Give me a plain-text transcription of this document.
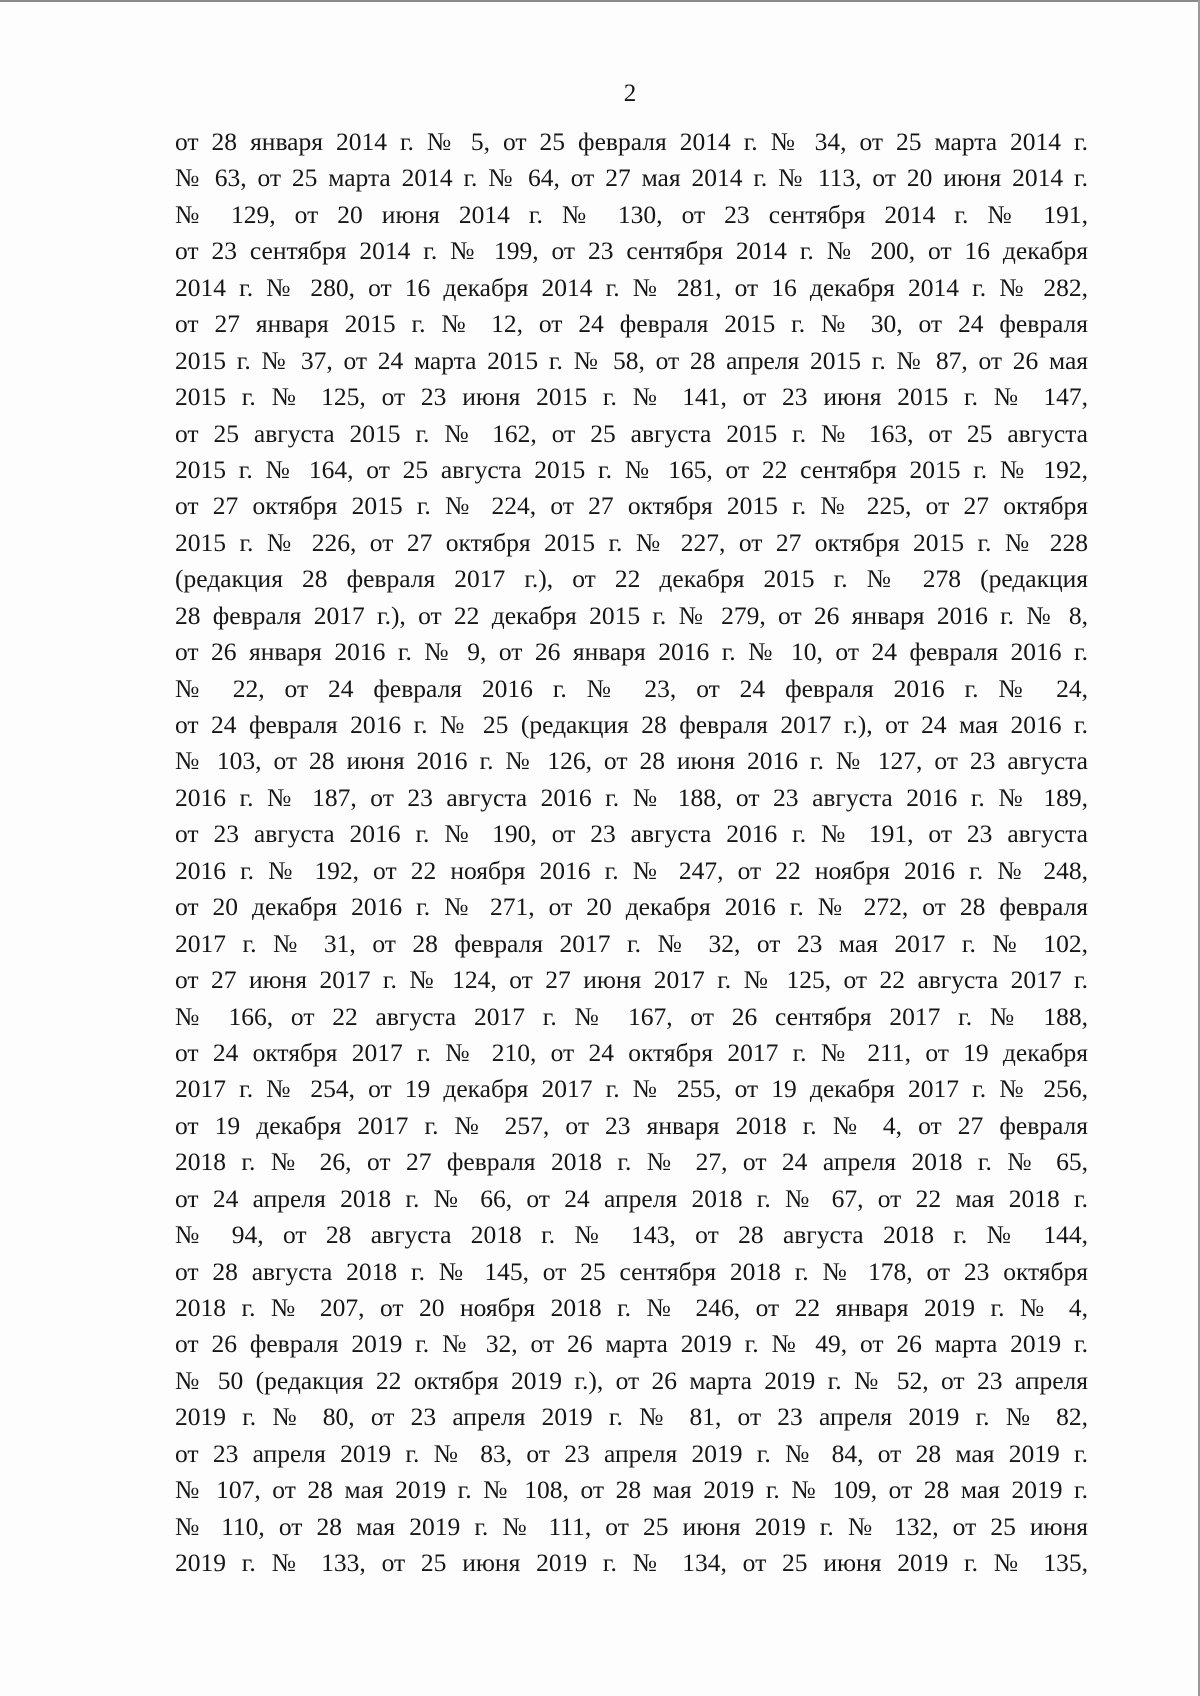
2
от 28 января 2014 г. № 5, от 25 февраля 2014 г. № 34, от 25 марта 2014 г.
№ 63, от 25 марта 2014 г. № 64, от 27 мая 2014 г. № 113, от 20 июня 2014 г.
№ 129, от 20 июня 2014 г. № 130, от 23 сентября 2014 г. № 191,
от 23 сентября 2014 г. № 199, от 23 сентября 2014 г. № 200, от 16 декабря
2014 г. № 280, от 16 декабря 2014 г. № 281, от 16 декабря 2014 г. № 282,
от 27 января 2015 г. № 12, от 24 февраля 2015 г. № 30, от 24 февраля
2015 г. № 37, от 24 марта 2015 г. № 58, от 28 апреля 2015 г. № 87, от 26 мая
2015 г. № 125, от 23 июня 2015 г. № 141, от 23 июня 2015 г. № 147,
от 25 августа 2015 г. № 162, от 25 августа 2015 г. № 163, от 25 августа
2015 г. № 164, от 25 августа 2015 г. № 165, от 22 сентября 2015 г. № 192,
от 27 октября 2015 г. № 224, от 27 октября 2015 г. № 225, от 27 октября
2015 г. № 226, от 27 октября 2015 г. № 227, от 27 октября 2015 г. № 228
(редакция 28 февраля 2017 г.), от 22 декабря 2015 г. № 278 (редакция
28 февраля 2017 г.), от 22 декабря 2015 г. № 279, от 26 января 2016 г. № 8,
от 26 января 2016 г. № 9, от 26 января 2016 г. № 10, от 24 февраля 2016 г.
№ 22, от 24 февраля 2016 г. № 23, от 24 февраля 2016 г. № 24,
от 24 февраля 2016 г. № 25 (редакция 28 февраля 2017 г.), от 24 мая 2016 г.
№ 103, от 28 июня 2016 г. № 126, от 28 июня 2016 г. № 127, от 23 августа
2016 г. № 187, от 23 августа 2016 г. № 188, от 23 августа 2016 г. № 189,
от 23 августа 2016 г. № 190, от 23 августа 2016 г. № 191, от 23 августа
2016 г. № 192, от 22 ноября 2016 г. № 247, от 22 ноября 2016 г. № 248,
от 20 декабря 2016 г. № 271, от 20 декабря 2016 г. № 272, от 28 февраля
2017 г. № 31, от 28 февраля 2017 г. № 32, от 23 мая 2017 г. № 102,
от 27 июня 2017 г. № 124, от 27 июня 2017 г. № 125, от 22 августа 2017 г.
№ 166, от 22 августа 2017 г. № 167, от 26 сентября 2017 г. № 188,
от 24 октября 2017 г. № 210, от 24 октября 2017 г. № 211, от 19 декабря
2017 г. № 254, от 19 декабря 2017 г. № 255, от 19 декабря 2017 г. № 256,
от 19 декабря 2017 г. № 257, от 23 января 2018 г. № 4, от 27 февраля
2018 г. № 26, от 27 февраля 2018 г. № 27, от 24 апреля 2018 г. № 65,
от 24 апреля 2018 г. № 66, от 24 апреля 2018 г. № 67, от 22 мая 2018 г.
№ 94, от 28 августа 2018 г. № 143, от 28 августа 2018 г. № 144,
от 28 августа 2018 г. № 145, от 25 сентября 2018 г. № 178, от 23 октября
2018 г. № 207, от 20 ноября 2018 г. № 246, от 22 января 2019 г. № 4,
от 26 февраля 2019 г. № 32, от 26 марта 2019 г. № 49, от 26 марта 2019 г.
№ 50 (редакция 22 октября 2019 г.), от 26 марта 2019 г. № 52, от 23 апреля
2019 г. № 80, от 23 апреля 2019 г. № 81, от 23 апреля 2019 г. № 82,
от 23 апреля 2019 г. № 83, от 23 апреля 2019 г. № 84, от 28 мая 2019 г.
№ 107, от 28 мая 2019 г. № 108, от 28 мая 2019 г. № 109, от 28 мая 2019 г.
№ 110, от 28 мая 2019 г. № 111, от 25 июня 2019 г. № 132, от 25 июня
2019 г. № 133, от 25 июня 2019 г. № 134, от 25 июня 2019 г. № 135,
